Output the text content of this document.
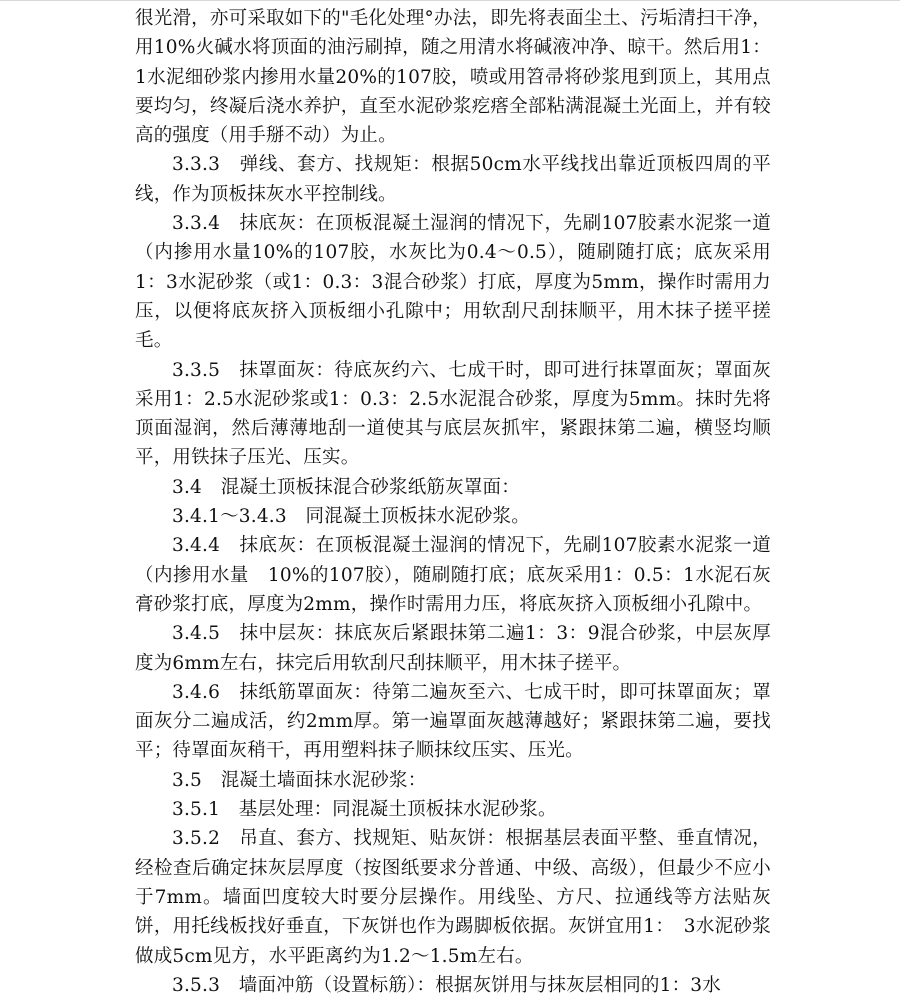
很光滑，亦可采取如下的"毛化处理°办法，即先将表面尘土、污垢清扫干净，用10%火碱水将顶面的油污刷掉，随之用清水将碱液冲净、晾干。然后用1：1水泥细砂浆内掺用水量20%的107胶，喷或用笤帚将砂浆甩到顶上，其用点要均匀，终凝后浇水养护，直至水泥砂浆疙瘩全部粘满混凝土光面上，并有较高的强度（用手掰不动）为止。

3.3.3　弹线、套方、找规矩：根据50cm水平线找出靠近顶板四周的平线，作为顶板抹灰水平控制线。

3.3.4　抹底灰：在顶板混凝土湿润的情况下，先刷107胶素水泥浆一道（内掺用水量10%的107胶，水灰比为0.4～0.5），随刷随打底；底灰采用1：3水泥砂浆（或1：0.3：3混合砂浆）打底，厚度为5mm，操作时需用力压，以便将底灰挤入顶板细小孔隙中；用软刮尺刮抹顺平，用木抹子搓平搓毛。

3.3.5　抹罩面灰：待底灰约六、七成干时，即可进行抹罩面灰；罩面灰采用1：2.5水泥砂浆或1：0.3：2.5水泥混合砂浆，厚度为5mm。抹时先将顶面湿润，然后薄薄地刮一道使其与底层灰抓牢，紧跟抹第二遍，横竖均顺平，用铁抹子压光、压实。

3.4　混凝土顶板抹混合砂浆纸筋灰罩面：

3.4.1～3.4.3　同混凝土顶板抹水泥砂浆。

3.4.4　抹底灰：在顶板混凝土湿润的情况下，先刷107胶素水泥浆一道（内掺用水量　10%的107胶），随刷随打底；底灰采用1：0.5：1水泥石灰膏砂浆打底，厚度为2mm，操作时需用力压，将底灰挤入顶板细小孔隙中。

3.4.5　抹中层灰：抹底灰后紧跟抹第二遍1：3：9混合砂浆，中层灰厚度为6mm左右，抹完后用软刮尺刮抹顺平，用木抹子搓平。

3.4.6　抹纸筋罩面灰：待第二遍灰至六、七成干时，即可抹罩面灰；罩面灰分二遍成活，约2mm厚。第一遍罩面灰越薄越好；紧跟抹第二遍，要找平；待罩面灰稍干，再用塑料抹子顺抹纹压实、压光。

3.5　混凝土墙面抹水泥砂浆：

3.5.1　基层处理：同混凝土顶板抹水泥砂浆。

3.5.2　吊直、套方、找规矩、贴灰饼：根据基层表面平整、垂直情况，经检查后确定抹灰层厚度（按图纸要求分普通、中级、高级），但最少不应小于7mm。墙面凹度较大时要分层操作。用线坠、方尺、拉通线等方法贴灰饼，用托线板找好垂直，下灰饼也作为踢脚板依据。灰饼宜用1：　3水泥砂浆做成5cm见方，水平距离约为1.2～1.5m左右。

3.5.3　墙面冲筋（设置标筋）：根据灰饼用与抹灰层相同的1：3水
